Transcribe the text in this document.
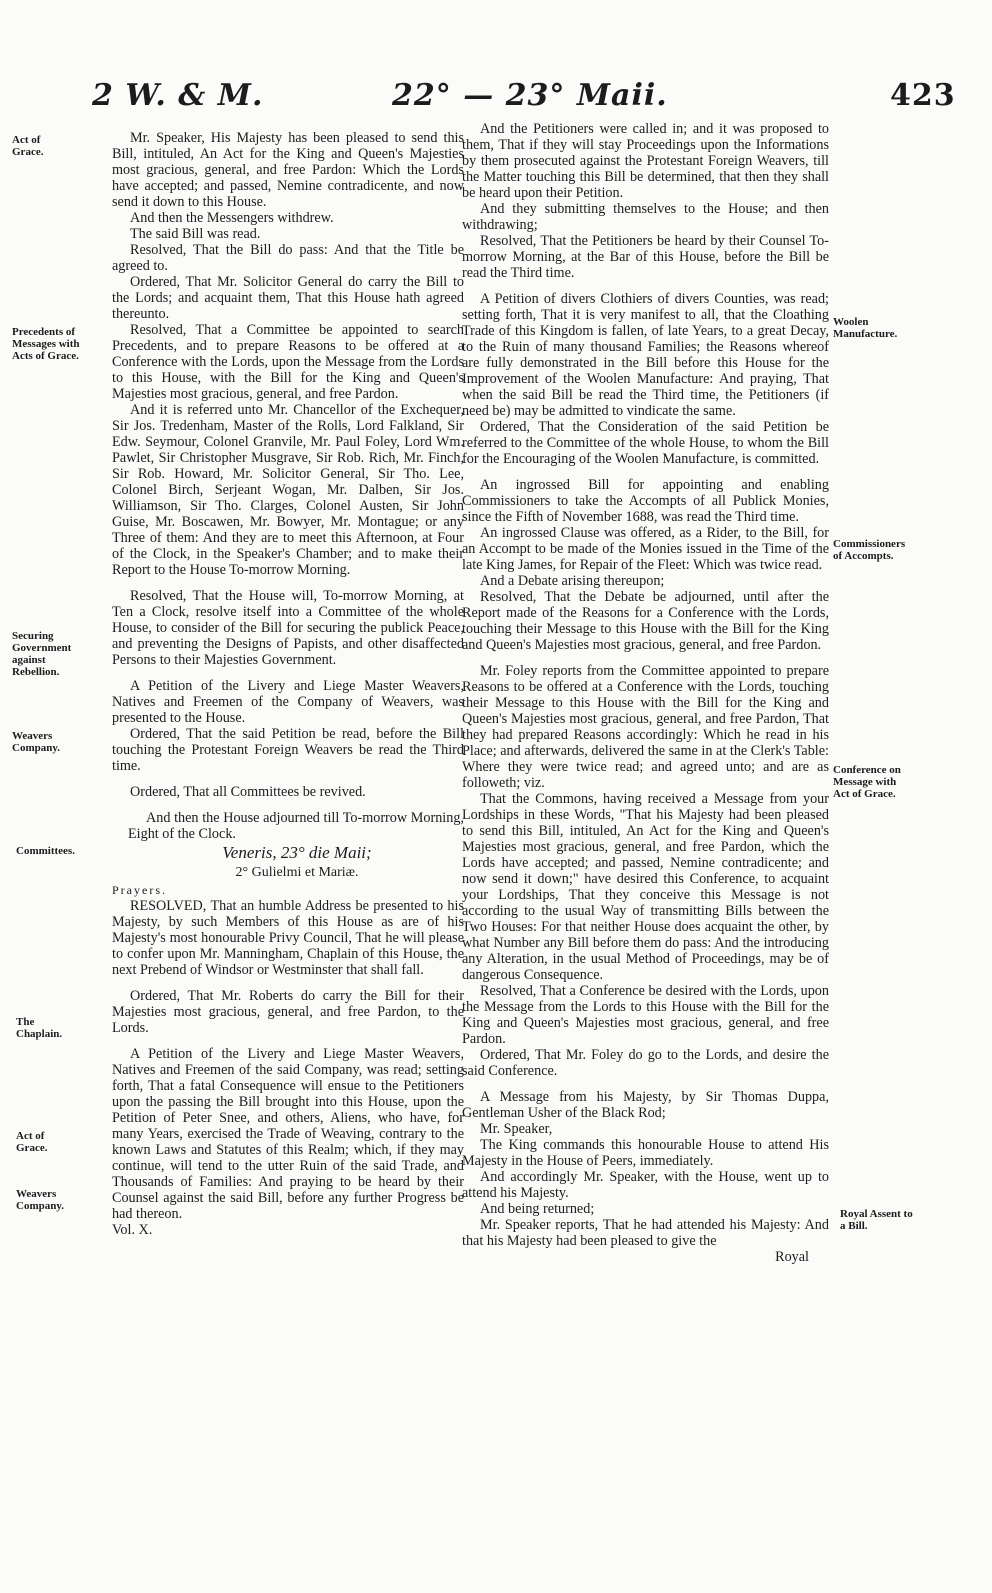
2 W. & M.	22° — 23° Maii.	423
Act of Grace.
Precedents of Messages with Acts of Grace.
Securing Government against Rebellion.
Weavers Company.
Committees.
The Chaplain.
Act of Grace.
Weavers Company.
Woolen Manufacture.
Commissioners of Accompts.
Conference on Message with Act of Grace.
Royal Assent to a Bill.

Mr. Speaker, His Majesty has been pleased to send this Bill, intituled, An Act for the King and Queen's Majesties most gracious, general, and free Pardon: Which the Lords have accepted; and passed, Nemine contradicente, and now send it down to this House.

And then the Messengers withdrew.

The said Bill was read.

Resolved, That the Bill do pass: And that the Title be agreed to.

Ordered, That Mr. Solicitor General do carry the Bill to the Lords; and acquaint them, That this House hath agreed thereunto.

Resolved, That a Committee be appointed to search Precedents, and to prepare Reasons to be offered at a Conference with the Lords, upon the Message from the Lords to this House, with the Bill for the King and Queen's Majesties most gracious, general, and free Pardon.

And it is referred unto Mr. Chancellor of the Exchequer, Sir Jos. Tredenham, Master of the Rolls, Lord Falkland, Sir Edw. Seymour, Colonel Granvile, Mr. Paul Foley, Lord Wm. Pawlet, Sir Christopher Musgrave, Sir Rob. Rich, Mr. Finch, Sir Rob. Howard, Mr. Solicitor General, Sir Tho. Lee, Colonel Birch, Serjeant Wogan, Mr. Dalben, Sir Jos. Williamson, Sir Tho. Clarges, Colonel Austen, Sir John Guise, Mr. Boscawen, Mr. Bowyer, Mr. Montague; or any Three of them: And they are to meet this Afternoon, at Four of the Clock, in the Speaker's Chamber; and to make their Report to the House To-morrow Morning.

Resolved, That the House will, To-morrow Morning, at Ten a Clock, resolve itself into a Committee of the whole House, to consider of the Bill for securing the publick Peace, and preventing the Designs of Papists, and other disaffected Persons to their Majesties Government.

A Petition of the Livery and Liege Master Weavers, Natives and Freemen of the Company of Weavers, was presented to the House.

Ordered, That the said Petition be read, before the Bill touching the Protestant Foreign Weavers be read the Third time.

Ordered, That all Committees be revived.

And then the House adjourned till To-morrow Morning, Eight of the Clock.

Veneris, 23° die Maii;

2° Gulielmi et Mariæ.

Prayers.

RESOLVED, That an humble Address be presented to his Majesty, by such Members of this House as are of his Majesty's most honourable Privy Council, That he will please to confer upon Mr. Manningham, Chaplain of this House, the next Prebend of Windsor or Westminster that shall fall.

Ordered, That Mr. Roberts do carry the Bill for their Majesties most gracious, general, and free Pardon, to the Lords.

A Petition of the Livery and Liege Master Weavers, Natives and Freemen of the said Company, was read; setting forth, That a fatal Consequence will ensue to the Petitioners upon the passing the Bill brought into this House, upon the Petition of Peter Snee, and others, Aliens, who have, for many Years, exercised the Trade of Weaving, contrary to the known Laws and Statutes of this Realm; which, if they may continue, will tend to the utter Ruin of the said Trade, and Thousands of Families: And praying to be heard by their Counsel against the said Bill, before any further Progress be had thereon.

Vol. X.

And the Petitioners were called in; and it was proposed to them, That if they will stay Proceedings upon the Informations by them prosecuted against the Protestant Foreign Weavers, till the Matter touching this Bill be determined, that then they shall be heard upon their Petition.

And they submitting themselves to the House; and then withdrawing;

Resolved, That the Petitioners be heard by their Counsel To-morrow Morning, at the Bar of this House, before the Bill be read the Third time.

A Petition of divers Clothiers of divers Counties, was read; setting forth, That it is very manifest to all, that the Cloathing Trade of this Kingdom is fallen, of late Years, to a great Decay, to the Ruin of many thousand Families; the Reasons whereof are fully demonstrated in the Bill before this House for the Improvement of the Woolen Manufacture: And praying, That when the said Bill be read the Third time, the Petitioners (if need be) may be admitted to vindicate the same.

Ordered, That the Consideration of the said Petition be referred to the Committee of the whole House, to whom the Bill for the Encouraging of the Woolen Manufacture, is committed.

An ingrossed Bill for appointing and enabling Commissioners to take the Accompts of all Publick Monies, since the Fifth of November 1688, was read the Third time.

An ingrossed Clause was offered, as a Rider, to the Bill, for an Accompt to be made of the Monies issued in the Time of the late King James, for Repair of the Fleet: Which was twice read.

And a Debate arising thereupon;

Resolved, That the Debate be adjourned, until after the Report made of the Reasons for a Conference with the Lords, touching their Message to this House with the Bill for the King and Queen's Majesties most gracious, general, and free Pardon.

Mr. Foley reports from the Committee appointed to prepare Reasons to be offered at a Conference with the Lords, touching their Message to this House with the Bill for the King and Queen's Majesties most gracious, general, and free Pardon, That they had prepared Reasons accordingly: Which he read in his Place; and afterwards, delivered the same in at the Clerk's Table: Where they were twice read; and agreed unto; and are as followeth; viz.

That the Commons, having received a Message from your Lordships in these Words, "That his Majesty had been pleased to send this Bill, intituled, An Act for the King and Queen's Majesties most gracious, general, and free Pardon, which the Lords have accepted; and passed, Nemine contradicente; and now send it down;" have desired this Conference, to acquaint your Lordships, That they conceive this Message is not according to the usual Way of transmitting Bills between the Two Houses: For that neither House does acquaint the other, by what Number any Bill before them do pass: And the introducing any Alteration, in the usual Method of Proceedings, may be of dangerous Consequence.

Resolved, That a Conference be desired with the Lords, upon the Message from the Lords to this House with the Bill for the King and Queen's Majesties most gracious, general, and free Pardon.

Ordered, That Mr. Foley do go to the Lords, and desire the said Conference.

A Message from his Majesty, by Sir Thomas Duppa, Gentleman Usher of the Black Rod;

Mr. Speaker,

The King commands this honourable House to attend His Majesty in the House of Peers, immediately.

And accordingly Mr. Speaker, with the House, went up to attend his Majesty.

And being returned;

Mr. Speaker reports, That he had attended his Majesty: And that his Majesty had been pleased to give the

Royal
